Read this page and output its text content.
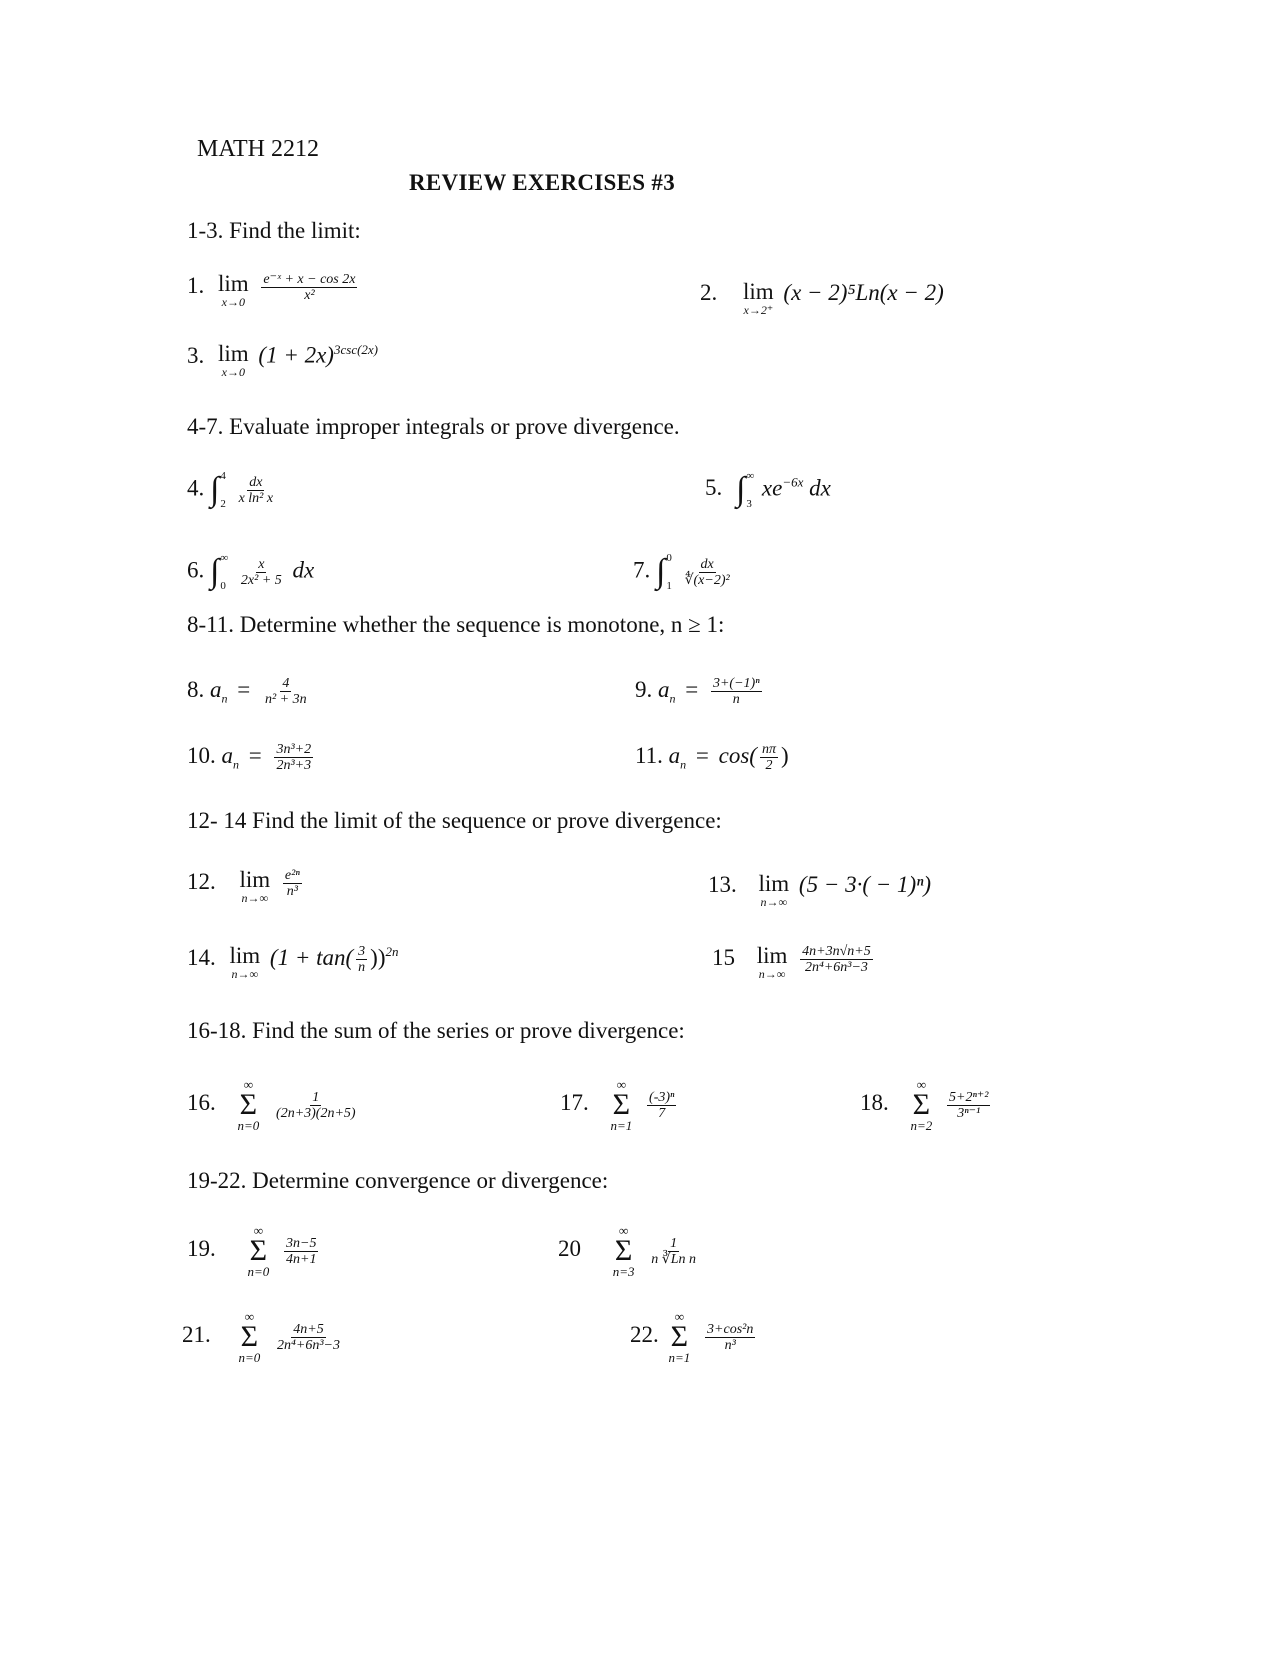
MATH 2212
REVIEW EXERCISES #3
1-3. Find the limit:
1. lim
x→0
$\frac{\text{e⁻ˣ + x − cos 2x}}{\text{x²}}$	2. lim
x→2⁺
(x − 2)⁵Ln(x − 2)
3. lim
x→0
$(1 + 2x)^{3csc(2x)}$
4-7. Evaluate improper integrals or prove divergence.
4. ∫ 4
2
$\frac{dx}{\text{x ln² x}}$	5. ∫ ∞
3
$xe^{-6x}$ dx
6. ∫ ∞
0
$\frac{x}{\text{2x² + 5}}$ dx	7. ∫ 0
1
$\frac{dx}{\text{∜(x−2)²}}$
8-11. Determine whether the sequence is monotone, n ≥ 1:
8. $a_n = \frac{4}{\text{n² + 3n}}$	9. $a_n = \frac{\text{3+(−1)ⁿ}}{n}$
10. $a_n = \frac{\text{3n³+2}}{\text{2n³+3}}$	11. $a_n = \cos( \frac{n\pi}{2}$ )
12- 14 Find the limit of the sequence or prove divergence:
12. lim
n→∞
$\frac{\text{e²ⁿ}}{\text{n³}}$	13. lim
n→∞
(5 − 3·( − 1)ⁿ)
14. lim
n→∞
$(1 + \tan( \frac{3}{n} ))^{2n}$	15 lim
n→∞
$\frac{4n+3n√n+5}{\text{2n⁴+6n³−3}}$
16-18. Find the sum of the series or prove divergence:
16.
∞
Σ
n=0

$\frac{1}{(2n+3)(2n+5)}$	17.
∞
Σ
n=1

$\frac{\text{(-3)ⁿ}}{7}$	18.
∞
Σ
n=2

$\frac{\text{5+2ⁿ⁺²}}{\text{3ⁿ⁻¹}}$
19-22. Determine convergence or divergence:
19.
∞
Σ
n=0

$\frac{3n-5}{4n+1}$	20
∞
Σ
n=3

$\frac{1}{\text{n ∛Ln n}}$
21.
∞
Σ
n=0

$\frac{4n+5}{\text{2n⁴+6n³−3}}$	22.
∞
Σ
n=1

$\frac{\text{3+cos²n}}{\text{n³}}$
